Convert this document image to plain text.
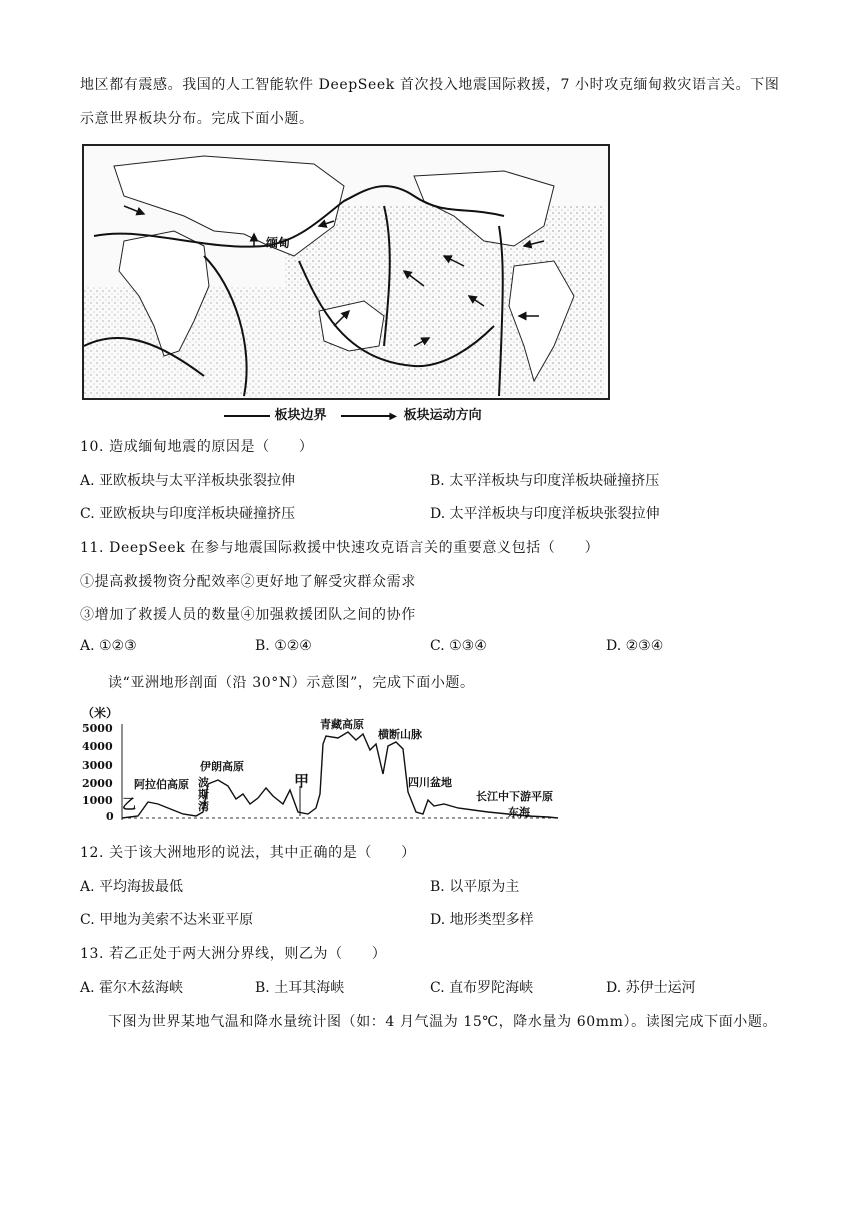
地区都有震感。我国的人工智能软件 DeepSeek 首次投入地震国际救援，7 小时攻克缅甸救灾语言关。下图
示意世界板块分布。完成下面小题。
缅甸
板块边界	▶ 板块运动方向
10. 造成缅甸地震的原因是（　　）
A. 亚欧板块与太平洋板块张裂拉伸	B. 太平洋板块与印度洋板块碰撞挤压
C. 亚欧板块与印度洋板块碰撞挤压	D. 太平洋板块与印度洋板块张裂拉伸
11. DeepSeek 在参与地震国际救援中快速攻克语言关的重要意义包括（　　）
①提高救援物资分配效率②更好地了解受灾群众需求
③增加了救援人员的数量④加强救援团队之间的协作
A. ①②③	B. ①②④	C. ①③④	D. ②③④
读“亚洲地形剖面（沿 30°N）示意图”，完成下面小题。
（米）
5000
4000
3000
2000
1000
0
乙
阿拉伯高原
伊朗高原
波
斯
湾
甲
青藏高原
横断山脉
四川盆地
长江中下游平原
东海
12. 关于该大洲地形的说法，其中正确的是（　　）
A. 平均海拔最低	B. 以平原为主
C. 甲地为美索不达米亚平原	D. 地形类型多样
13. 若乙正处于两大洲分界线，则乙为（　　）
A. 霍尔木兹海峡	B. 土耳其海峡	C. 直布罗陀海峡	D. 苏伊士运河
下图为世界某地气温和降水量统计图（如：4 月气温为 15℃，降水量为 60mm）。读图完成下面小题。
